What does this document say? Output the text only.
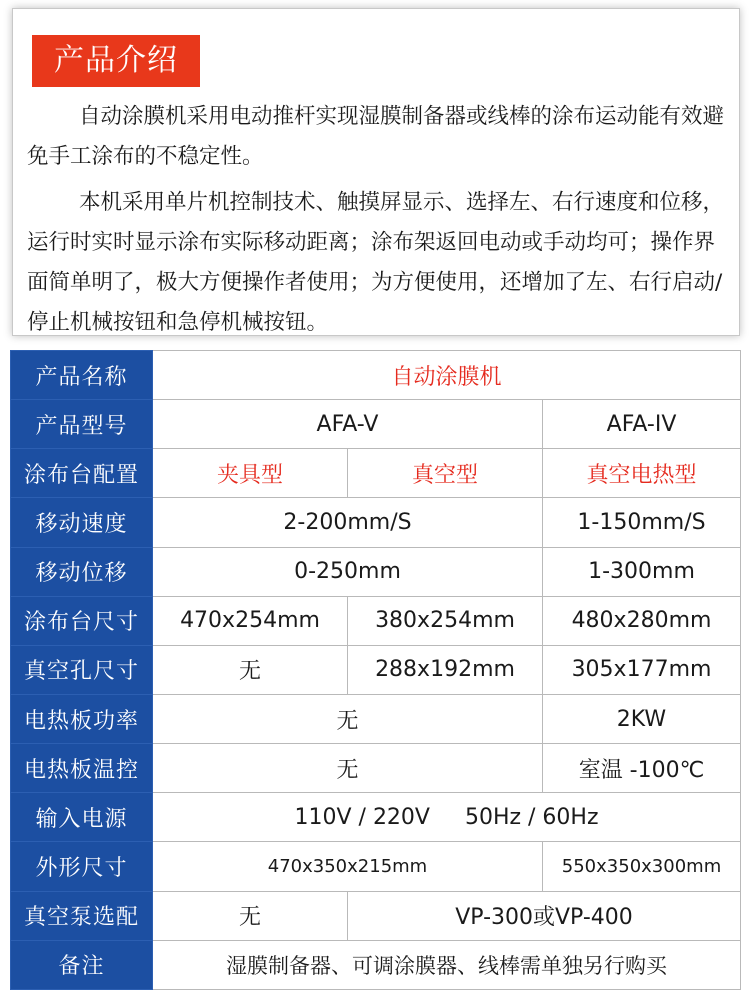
产品介绍

自动涂膜机采用电动推杆实现湿膜制备器或线棒的涂布运动能有效避免手工涂布的不稳定性。

本机采用单片机控制技术、触摸屏显示、选择左、右行速度和位移，运行时实时显示涂布实际移动距离；涂布架返回电动或手动均可；操作界面简单明了，极大方便操作者使用；为方便使用，还增加了左、右行启动/停止机械按钮和急停机械按钮。

产品名称	自动涂膜机		
产品型号	AFA-V		AFA-IV
涂布台配置	夹具型	真空型	真空电热型
移动速度	2-200mm/S		1-150mm/S
移动位移	0-250mm		1-300mm
涂布台尺寸	470x254mm	380x254mm	480x280mm
真空孔尺寸	无	288x192mm	305x177mm
电热板功率	无		2KW
电热板温控	无		室温 -100℃
输入电源	110V / 220V     50Hz / 60Hz		
外形尺寸	470x350x215mm		550x350x300mm
真空泵选配	无	VP-300或VP-400	
备注	湿膜制备器、可调涂膜器、线棒需单独另行购买		
